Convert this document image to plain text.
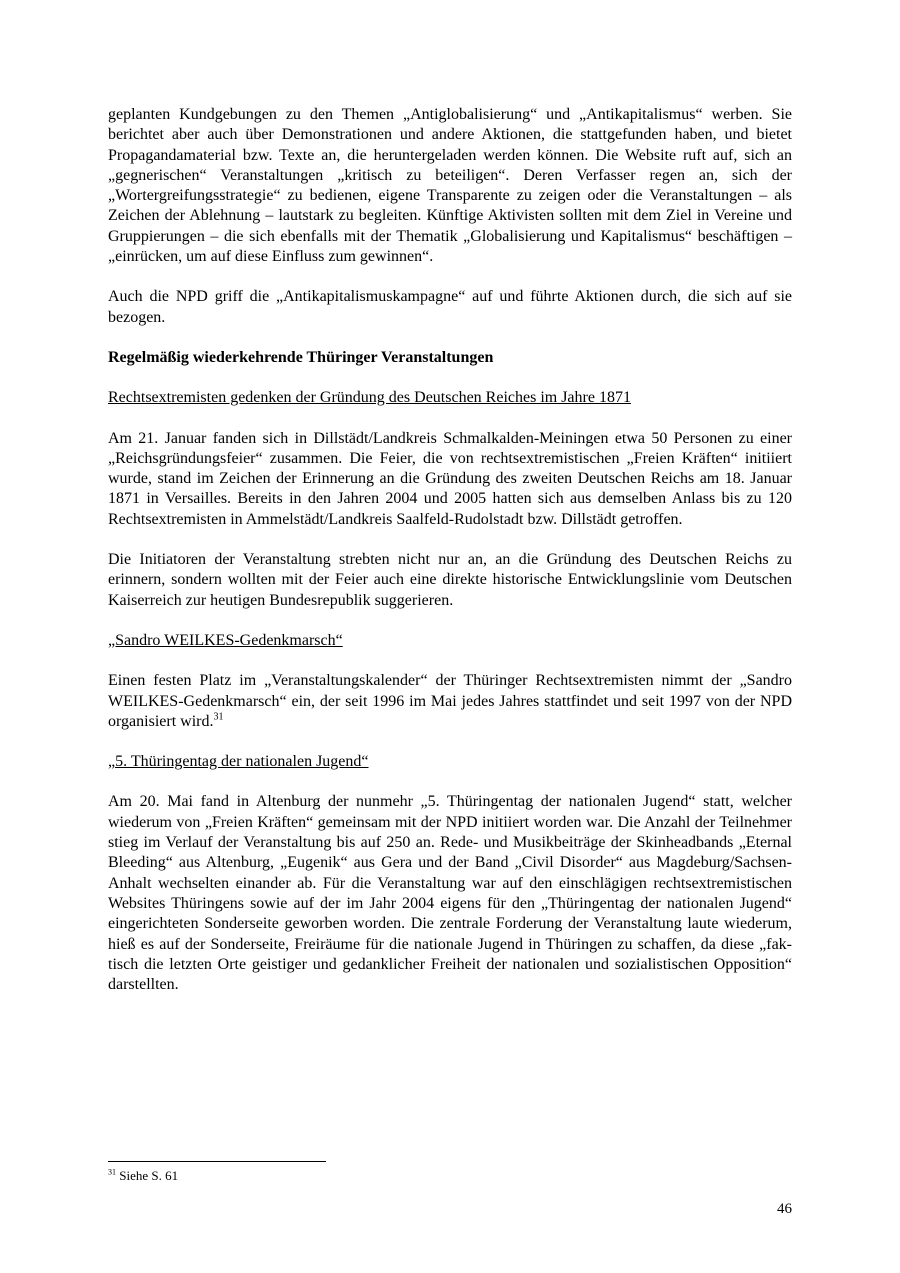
geplanten Kundgebungen zu den Themen „Antiglobalisierung“ und „Antikapitalismus“ werben. Sie berichtet aber auch über Demonstrationen und andere Aktionen, die stattgefunden haben, und bietet Propagandamaterial bzw. Texte an, die heruntergeladen werden können. Die Website ruft auf, sich an „gegnerischen“ Veranstaltungen „kritisch zu beteiligen“. Deren Verfasser regen an, sich der „Wortergreifungsstrategie“ zu bedienen, eigene Transparente zu zeigen oder die Veranstaltungen – als Zeichen der Ablehnung – lautstark zu begleiten. Künftige Aktivisten sollten mit dem Ziel in Vereine und Gruppierungen – die sich ebenfalls mit der Thematik „Globalisierung und Kapitalismus“ beschäftigen – „einrücken, um auf diese Einfluss zum gewinnen“.

Auch die NPD griff die „Antikapitalismuskampagne“ auf und führte Aktionen durch, die sich auf sie bezogen.

Regelmäßig wiederkehrende Thüringer Veranstaltungen

Rechtsextremisten gedenken der Gründung des Deutschen Reiches im Jahre 1871

Am 21. Januar fanden sich in Dillstädt/Landkreis Schmalkalden-Meiningen etwa 50 Personen zu einer „Reichsgründungsfeier“ zusammen. Die Feier, die von rechtsextremistischen „Freien Kräften“ initiiert wurde, stand im Zeichen der Erinnerung an die Gründung des zweiten Deutschen Reichs am 18. Januar 1871 in Versailles. Bereits in den Jahren 2004 und 2005 hatten sich aus demselben Anlass bis zu 120 Rechtsextremisten in Ammelstädt/Landkreis Saalfeld-Rudolstadt bzw. Dillstädt getroffen.

Die Initiatoren der Veranstaltung strebten nicht nur an, an die Gründung des Deutschen Reichs zu erinnern, sondern wollten mit der Feier auch eine direkte historische Entwicklungslinie vom Deutschen Kaiserreich zur heutigen Bundesrepublik suggerieren.

„Sandro WEILKES-Gedenkmarsch“

Einen festen Platz im „Veranstaltungskalender“ der Thüringer Rechtsextremisten nimmt der „Sandro WEILKES-Gedenkmarsch“ ein, der seit 1996 im Mai jedes Jahres stattfindet und seit 1997 von der NPD organisiert wird.$^{31}$

„5. Thüringentag der nationalen Jugend“

Am 20. Mai fand in Altenburg der nunmehr „5. Thüringentag der nationalen Jugend“ statt, welcher wiederum von „Freien Kräften“ gemeinsam mit der NPD initiiert worden war. Die Anzahl der Teilnehmer stieg im Verlauf der Veranstaltung bis auf 250 an. Rede- und Musikbeiträge der Skinheadbands „Eternal Bleeding“ aus Altenburg, „Eugenik“ aus Gera und der Band „Civil Disorder“ aus Magdeburg/Sachsen-Anhalt wechselten einander ab. Für die Veranstaltung war auf den einschlägigen rechtsextremistischen Websites Thüringens sowie auf der im Jahr 2004 eigens für den „Thüringentag der nationalen Jugend“ eingerichteten Sonderseite geworben worden. Die zentrale Forderung der Veranstaltung laute wiederum, hieß es auf der Sonderseite, Freiräume für die nationale Jugend in Thüringen zu schaffen, da diese „faktisch die letzten Orte geistiger und gedanklicher Freiheit der nationalen und sozialistischen Opposition“ darstellten.

$^{31}$ Siehe S. 61
46
